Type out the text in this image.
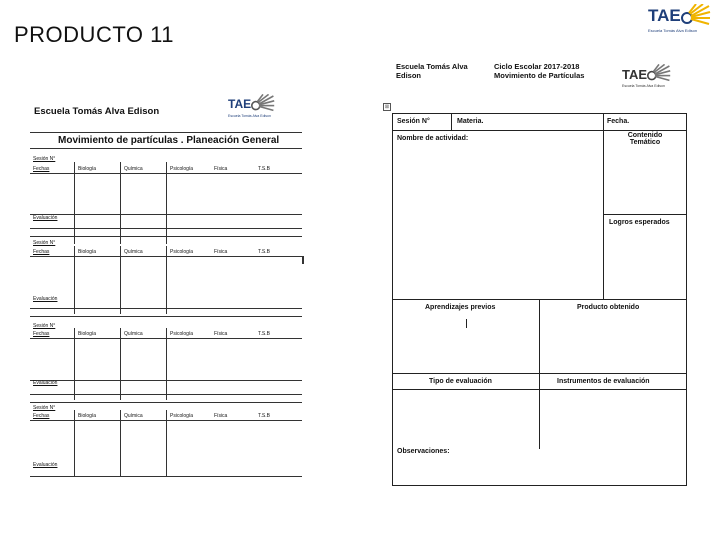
PRODUCTO 11
TAE
Escuela Tomás Alva Edison
Escuela Tomás Alva Edison
TAE
Escuela Tomás Alva Edison
Movimiento de partículas . Planeación General
Sesión N°
Fechas	Biología	Química	Psicología	Física	T.S.B
Evaluación
Sesión N°
Fechas	Biología	Química	Psicología	Física	T.S.B
Evaluación
Sesión N°
Fechas	Biología	Química	Psicología	Física	T.S.B
Evaluación
Sesión N°
Fechas	Biología	Química	Psicología	Física	T.S.B
Evaluación
Escuela Tomás Alva
Edison
Ciclo Escolar 2017-2018
Movimiento de Partículas	TAE
Escuela Tomás Alva Edison
⊠
Sesión N°	Materia.	Fecha.
Nombre de actividad:	Contenido
Temático
Logros esperados
Aprendizajes previos	Producto obtenido
Tipo de evaluación	Instrumentos de evaluación
Observaciones:
